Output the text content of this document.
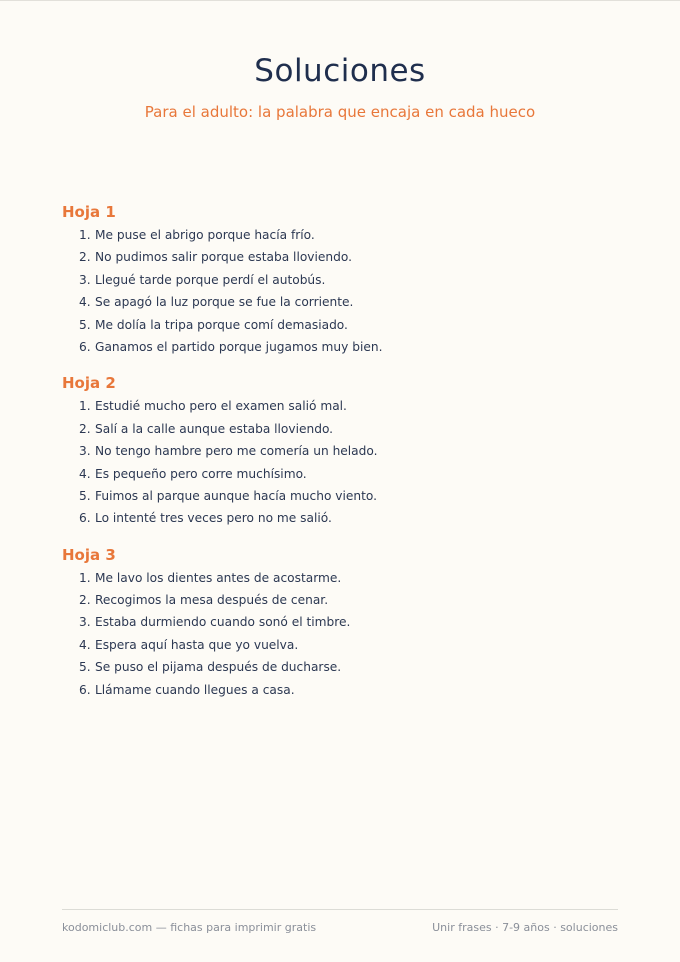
Soluciones
Para el adulto: la palabra que encaja en cada hueco
Hoja 1
1. Me puse el abrigo porque hacía frío.
2. No pudimos salir porque estaba lloviendo.
3. Llegué tarde porque perdí el autobús.
4. Se apagó la luz porque se fue la corriente.
5. Me dolía la tripa porque comí demasiado.
6. Ganamos el partido porque jugamos muy bien.
Hoja 2
1. Estudié mucho pero el examen salió mal.
2. Salí a la calle aunque estaba lloviendo.
3. No tengo hambre pero me comería un helado.
4. Es pequeño pero corre muchísimo.
5. Fuimos al parque aunque hacía mucho viento.
6. Lo intenté tres veces pero no me salió.
Hoja 3
1. Me lavo los dientes antes de acostarme.
2. Recogimos la mesa después de cenar.
3. Estaba durmiendo cuando sonó el timbre.
4. Espera aquí hasta que yo vuelva.
5. Se puso el pijama después de ducharse.
6. Llámame cuando llegues a casa.
kodomiclub.com — fichas para imprimir gratis	Unir frases · 7-9 años · soluciones
